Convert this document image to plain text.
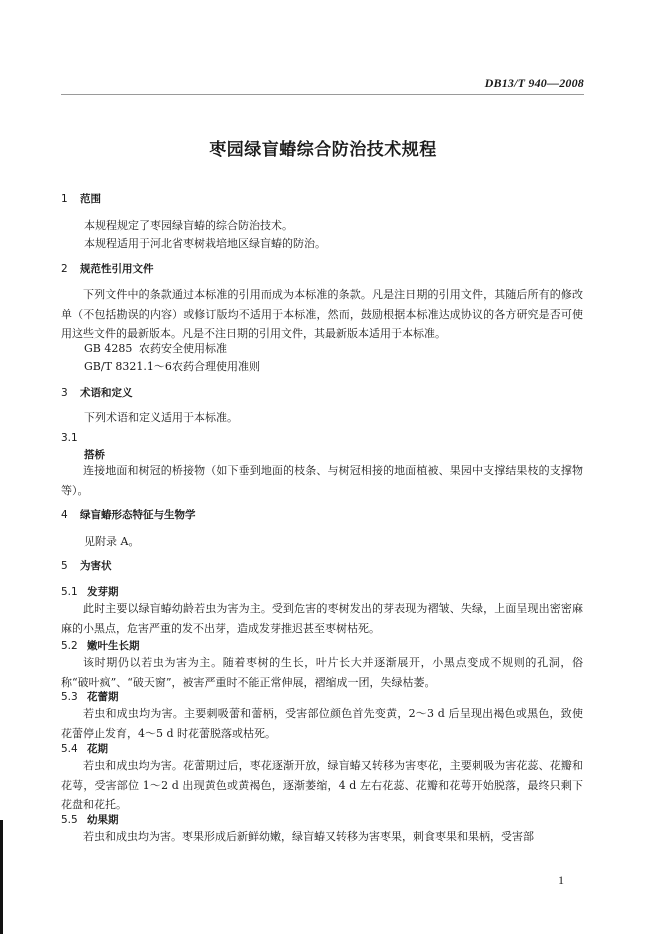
DB13/T 940—2008
枣园绿盲蝽综合防治技术规程
1 范围
本规程规定了枣园绿盲蝽的综合防治技术。
本规程适用于河北省枣树栽培地区绿盲蝽的防治。
2 规范性引用文件
下列文件中的条款通过本标准的引用而成为本标准的条款。凡是注日期的引用文件，其随后所有的修改单（不包括勘误的内容）或修订版均不适用于本标准，然而，鼓励根据本标准达成协议的各方研究是否可使用这些文件的最新版本。凡是不注日期的引用文件，其最新版本适用于本标准。
GB 4285 农药安全使用标准
GB/T 8321.1～6 农药合理使用准则
3 术语和定义
下列术语和定义适用于本标准。
3.1
搭桥
连接地面和树冠的桥接物（如下垂到地面的枝条、与树冠相接的地面植被、果园中支撑结果枝的支撑物等）。
4 绿盲蝽形态特征与生物学
见附录 A。
5 为害状
5.1 发芽期
此时主要以绿盲蝽幼龄若虫为害为主。受到危害的枣树发出的芽表现为褶皱、失绿，上面呈现出密密麻麻的小黑点，危害严重的发不出芽，造成发芽推迟甚至枣树枯死。
5.2 嫩叶生长期
该时期仍以若虫为害为主。随着枣树的生长，叶片长大并逐渐展开，小黑点变成不规则的孔洞，俗称“破叶疯”、“破天窗”，被害严重时不能正常伸展，褶缩成一团，失绿枯萎。
5.3 花蕾期
若虫和成虫均为害。主要刺吸蕾和蕾柄，受害部位颜色首先变黄，2～3 d 后呈现出褐色或黑色，致使花蕾停止发育，4～5 d 时花蕾脱落或枯死。
5.4 花期
若虫和成虫均为害。花蕾期过后，枣花逐渐开放，绿盲蝽又转移为害枣花，主要刺吸为害花蕊、花瓣和花萼，受害部位 1～2 d 出现黄色或黄褐色，逐渐萎缩，4 d 左右花蕊、花瓣和花萼开始脱落，最终只剩下花盘和花托。
5.5 幼果期
若虫和成虫均为害。枣果形成后新鲜幼嫩，绿盲蝽又转移为害枣果，刺食枣果和果柄，受害部
1
